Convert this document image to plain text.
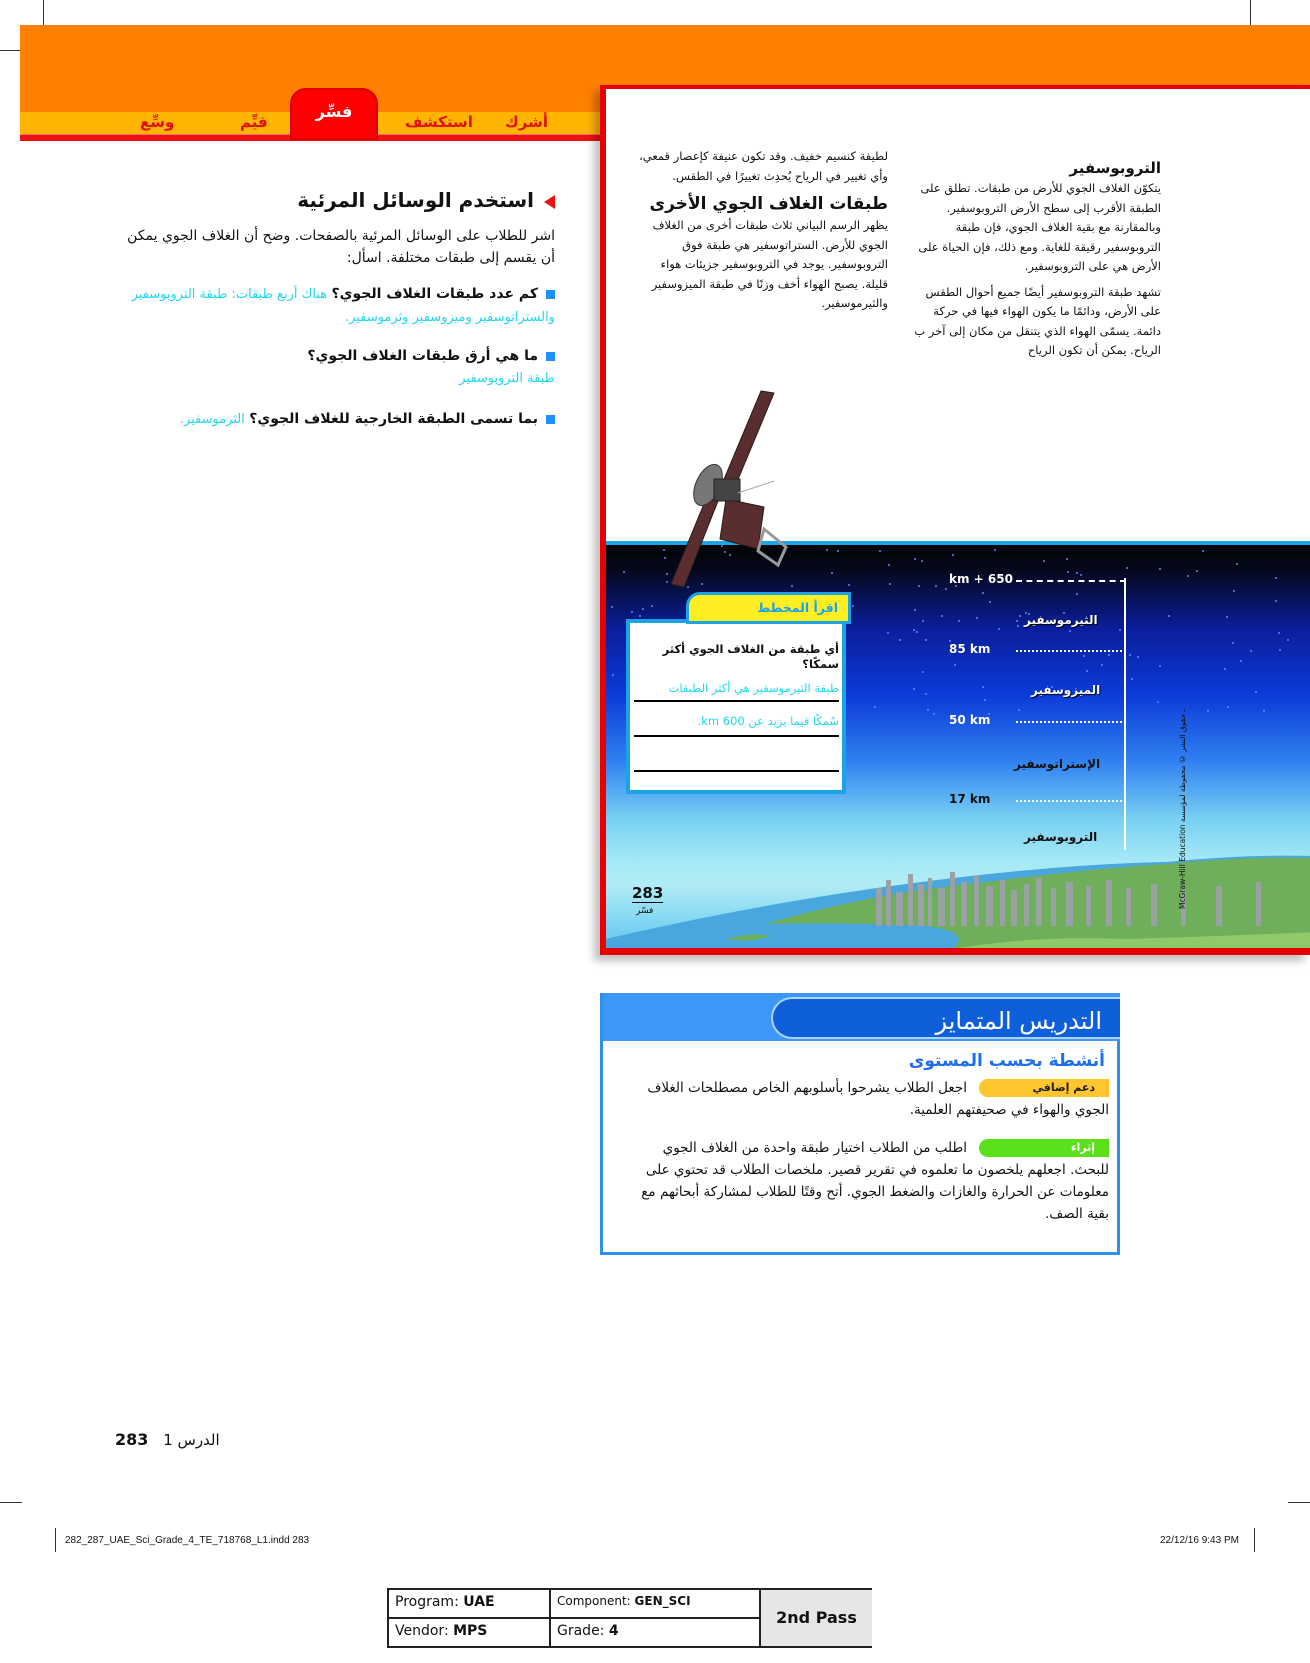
أشرك
استكشف
فسِّر
قيِّم
وسِّع
استخدم الوسائل المرئية
اشر للطلاب على الوسائل المرئية بالصفحات. وضح أن الغلاف الجوي يمكن أن يقسم إلى طبقات مختلفة. اسأل:
كم عدد طبقات الغلاف الجوي؟ هناك أربع طبقات: طبقة التروبوسفير والستراتوسفير وميزوسفير وثرموسفير.
ما هي أرق طبقات الغلاف الجوي؟
طبقة التروبوسفير
بما تسمى الطبقة الخارجية للغلاف الجوي؟ الثرموسفير.
التروبوسفير

يتكوّن الغلاف الجوي للأرض من طبقات. تطلق على الطبقة الأقرب إلى سطح الأرض التروبوسفير. وبالمقارنة مع بقية الغلاف الجوي، فإن طبقة التروبوسفير رقيقة للغاية. ومع ذلك، فإن الحياة على الأرض هي على التروبوسفير.

تشهد طبقة التروبوسفير أيضًا جميع أحوال الطقس على الأرض، ودائمًا ما يكون الهواء فيها في حركة دائمة. يسمّى الهواء الذي يتنقل من مكان إلى آخر ب الرياح. يمكن أن تكون الرياح

لطيفة كنسيم خفيف. وقد تكون عنيفة كإعصار قمعي، وأي تغيير في الرياح يُحدِث تغييرًا في الطقس.

طبقات الغلاف الجوي الأخرى

يظهر الرسم البياني ثلاث طبقات أخرى من الغلاف الجوي للأرض. الستراتوسفير هي طبقة فوق التروبوسفير. يوجد في التروبوسفير جزيئات هواء قليلة. يصبح الهواء أخف وزنًا في طبقة الميزوسفير والثيرموسفير.

km + 650
الثيرموسفير
85 km
الميزوسفير
50 km
الإستراتوسفير
17 km
التروبوسفير
اقرأ المخطط
أي طبقة من الغلاف الجوي أكثر سمكًا؟
طبقة الثيرموسفير هي أكثر الطبقات
سُمكًا فيما يزيد عن km 600.
McGraw-Hill Education ـ حقوق النشر © محفوظة لمؤسسة
283
فسّر
التدريس المتمايز
أنشطة بحسب المستوى
دعم إضافي
اجعل الطلاب يشرحوا بأسلوبهم الخاص مصطلحات الغلاف الجوي والهواء في صحيفتهم العلمية.
إثراء
اطلب من الطلاب اختيار طبقة واحدة من الغلاف الجوي للبحث. اجعلهم يلخصون ما تعلموه في تقرير قصير. ملخصات الطلاب قد تحتوي على معلومات عن الحرارة والغازات والضغط الجوي. أتح وقتًا للطلاب لمشاركة أبحاثهم مع بقية الصف.
283 الدرس 1
282_287_UAE_Sci_Grade_4_TE_718768_L1.indd 283	22/12/16 9:43 PM
Program: UAE	Component: GEN_SCI
Vendor: MPS	Grade: 4
2nd Pass
